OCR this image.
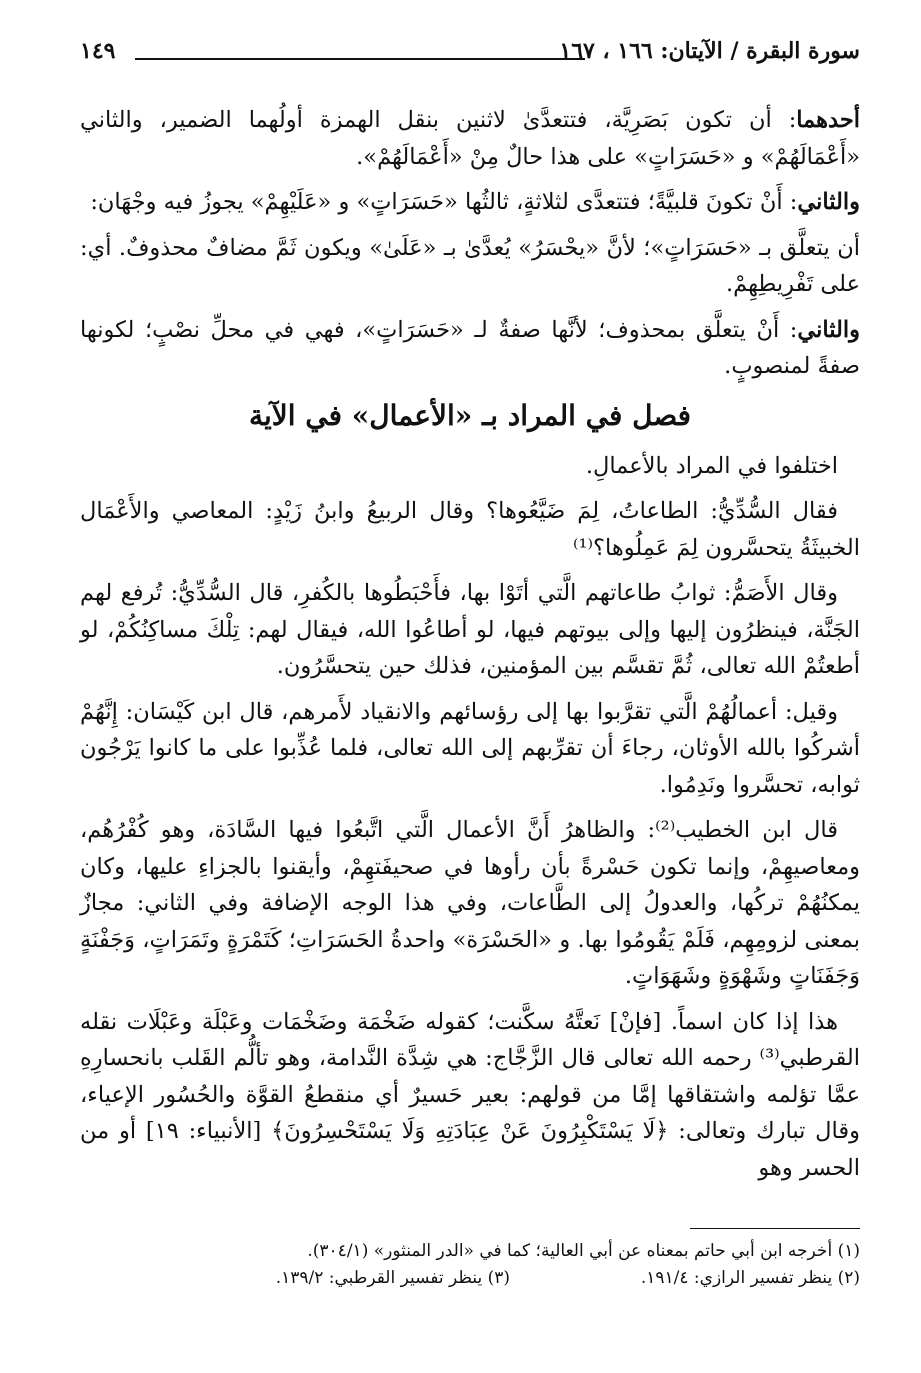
سورة البقرة / الآيتان: ١٦٦ ، ١٦٧
١٤٩

أحدهما: أن تكون بَصَرِيَّة، فتتعدَّىٰ لاثنين بنقل الهمزة أولُهما الضمير، والثاني «أَعْمَالَهُمْ» و «حَسَرَاتٍ» على هذا حالٌ مِنْ «أَعْمَالَهُمْ».

والثاني: أَنْ تكونَ قلبيَّةً؛ فتتعدَّى لثلاثةٍ، ثالثُها «حَسَرَاتٍ» و «عَلَيْهِمْ» يجوزُ فيه وجْهَان:

أن يتعلَّق بـ «حَسَرَاتٍ»؛ لأنَّ «يحْسَرُ» يُعدَّىٰ بـ «عَلَىٰ» ويكون ثَمَّ مضافٌ محذوفٌ. أي: على تَفْرِيطِهِمْ.

والثاني: أَنْ يتعلَّق بمحذوف؛ لأنَّها صفةٌ لـ «حَسَرَاتٍ»، فهي في محلِّ نصْبٍ؛ لكونها صفةً لمنصوبٍ.

فصل في المراد بـ «الأعمال» في الآية

اختلفوا في المراد بالأعمالِ.

فقال السُّدِّيُّ: الطاعاتُ، لِمَ ضَيَّعُوها؟ وقال الربيعُ وابنُ زَيْدٍ: المعاصي والأَعْمَال الخبيثَةُ يتحسَّرون لِمَ عَمِلُوها؟⁽¹⁾

وقال الأَصَمُّ: ثوابُ طاعاتهم الَّتي أتَوْا بها، فأَحْبَطُوها بالكُفرِ، قال السُّدِّيُّ: تُرفع لهم الجَنَّة، فينظرُون إليها وإلى بيوتهم فيها، لو أطاعُوا الله، فيقال لهم: تِلْكَ مساكِنُكُمْ، لو أطعتُمْ الله تعالى، ثُمَّ تقسَّم بين المؤمنين، فذلك حين يتحسَّرُون.

وقيل: أعمالُهُمْ الَّتي تقرَّبوا بها إلى رؤسائهم والانقياد لأَمرهم، قال ابن كَيْسَان: إِنَّهُمْ أشركُوا بالله الأوثان، رجاءَ أن تقرِّبهم إلى الله تعالى، فلما عُذِّبوا على ما كانوا يَرْجُون ثوابه، تحسَّروا ونَدِمُوا.

قال ابن الخطيب⁽²⁾: والظاهرُ أَنَّ الأعمال الَّتي اتَّبعُوا فيها السَّادَة، وهو كُفْرُهُم، ومعاصيهِمْ، وإنما تكون حَسْرةً بأن رأوها في صحيفَتهِمْ، وأيقنوا بالجزاءِ عليها، وكان يمكنُهُمْ تركُها، والعدولُ إلى الطَّاعات، وفي هذا الوجه الإضافة وفي الثاني: مجازٌ بمعنى لزومِهِم، فَلَمْ يَقُومُوا بها. و «الحَسْرَة» واحدةُ الحَسَرَاتِ؛ كَتَمْرَةٍ وتَمَرَاتٍ، وَجَفْنَةٍ وَجَفَنَاتٍ وشَهْوَةٍ وشَهَوَاتٍ.

هذا إذا كان اسماً. [فإنْ] نَعتَّهُ سكَّنت؛ كقوله ضَخْمَة وضَخْمَات وعَبْلَة وعَبْلَات نقله القرطبي⁽³⁾ رحمه الله تعالى قال الزَّجَّاج: هي شِدَّة النَّدامة، وهو تألُّم القَلب بانحسارِهِ عمَّا تؤلمه واشتقاقها إمَّا من قولهم: بعير حَسيرٌ أي منقطعُ القوَّة والحُسُور الإعياء، وقال تبارك وتعالى: ﴿لَا يَسْتَكْبِرُونَ عَنْ عِبَادَتِهِ وَلَا يَسْتَحْسِرُونَ﴾ [الأنبياء: ١٩] أو من الحسر وهو

(١) أخرجه ابن أبي حاتم بمعناه عن أبي العالية؛ كما في «الدر المنثور» (٣٠٤/١).
(٢) ينظر تفسير الرازي: ١٩١/٤.  (٣) ينظر تفسير القرطبي: ١٣٩/٢.
